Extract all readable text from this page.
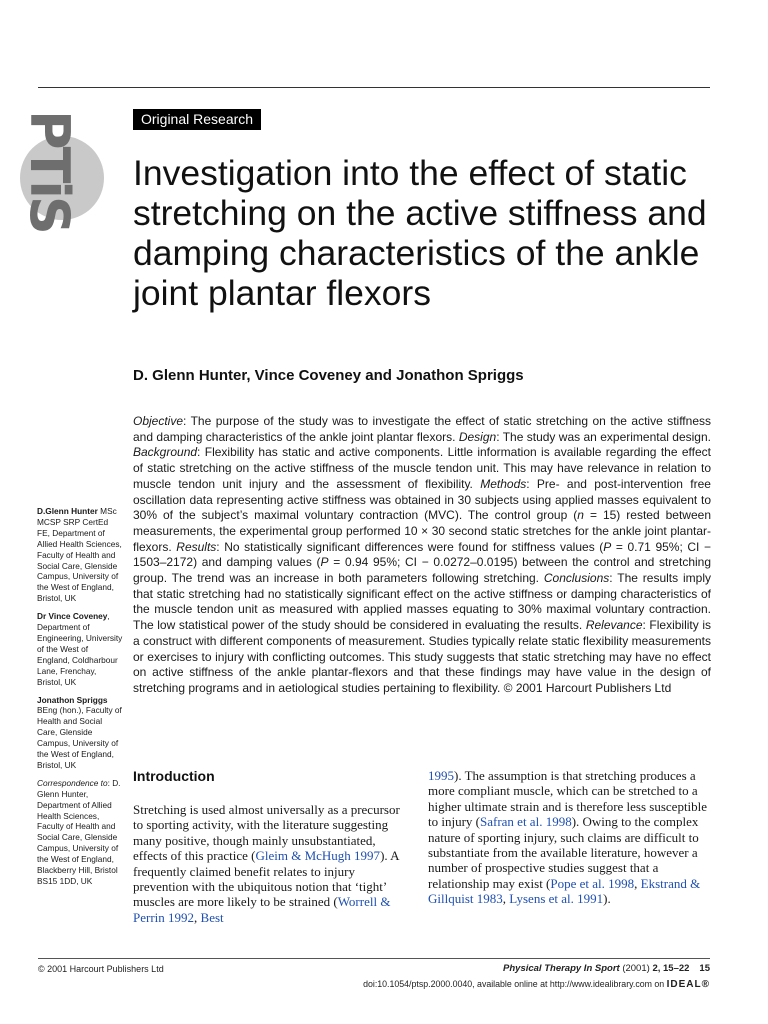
PTiS	Original Research
Investigation into the effect of static stretching on the active stiffness and damping characteristics of the ankle joint plantar flexors
D. Glenn Hunter, Vince Coveney and Jonathon Spriggs
Objective: The purpose of the study was to investigate the effect of static stretching on the active stiffness and damping characteristics of the ankle joint plantar flexors. Design: The study was an experimental design. Background: Flexibility has static and active components. Little information is available regarding the effect of static stretching on the active stiffness of the muscle tendon unit. This may have relevance in relation to muscle tendon unit injury and the assessment of flexibility. Methods: Pre- and post-intervention free oscillation data representing active stiffness was obtained in 30 subjects using applied masses equivalent to 30% of the subject’s maximal voluntary contraction (MVC). The control group (n = 15) rested between measurements, the experimental group performed 10 × 30 second static stretches for the ankle joint plantar-flexors. Results: No statistically significant differences were found for stiffness values (P = 0.71 95%; CI − 1503–2172) and damping values (P = 0.94 95%; CI − 0.0272–0.0195) between the control and stretching group. The trend was an increase in both parameters following stretching. Conclusions: The results imply that static stretching had no statistically significant effect on the active stiffness or damping characteristics of the muscle tendon unit as measured with applied masses equating to 30% maximal voluntary contraction. The low statistical power of the study should be considered in evaluating the results. Relevance: Flexibility is a construct with different components of measurement. Studies typically relate static flexibility measurements or exercises to injury with conflicting outcomes. This study suggests that static stretching may have no effect on active stiffness of the ankle plantar-flexors and that these findings may have value in the design of stretching programs and in aetiological studies pertaining to flexibility. © 2001 Harcourt Publishers Ltd

D.Glenn Hunter MSc MCSP SRP CertEd FE, Department of Allied Health Sciences, Faculty of Health and Social Care, Glenside Campus, University of the West of England, Bristol, UK

Dr Vince Coveney, Department of Engineering, University of the West of England, Coldharbour Lane, Frenchay, Bristol, UK

Jonathon Spriggs BEng (hon.), Faculty of Health and Social Care, Glenside Campus, University of the West of England, Bristol, UK

Correspondence to: D. Glenn Hunter, Department of Allied Health Sciences, Faculty of Health and Social Care, Glenside Campus, University of the West of England, Blackberry Hill, Bristol BS15 1DD, UK

Introduction

Stretching is used almost universally as a precursor to sporting activity, with the literature suggesting many positive, though mainly unsubstantiated, effects of this practice (Gleim & McHugh 1997). A frequently claimed benefit relates to injury prevention with the ubiquitous notion that ‘tight’ muscles are more likely to be strained (Worrell & Perrin 1992, Best

1995). The assumption is that stretching produces a more compliant muscle, which can be stretched to a higher ultimate strain and is therefore less susceptible to injury (Safran et al. 1998). Owing to the complex nature of sporting injury, such claims are difficult to substantiate from the available literature, however a number of prospective studies suggest that a relationship may exist (Pope et al. 1998, Ekstrand & Gillquist 1983, Lysens et al. 1991).

© 2001 Harcourt Publishers Ltd	Physical Therapy In Sport (2001) 2, 15–22 15
doi:10.1054/ptsp.2000.0040, available online at http://www.idealibrary.com on IDEAL®
